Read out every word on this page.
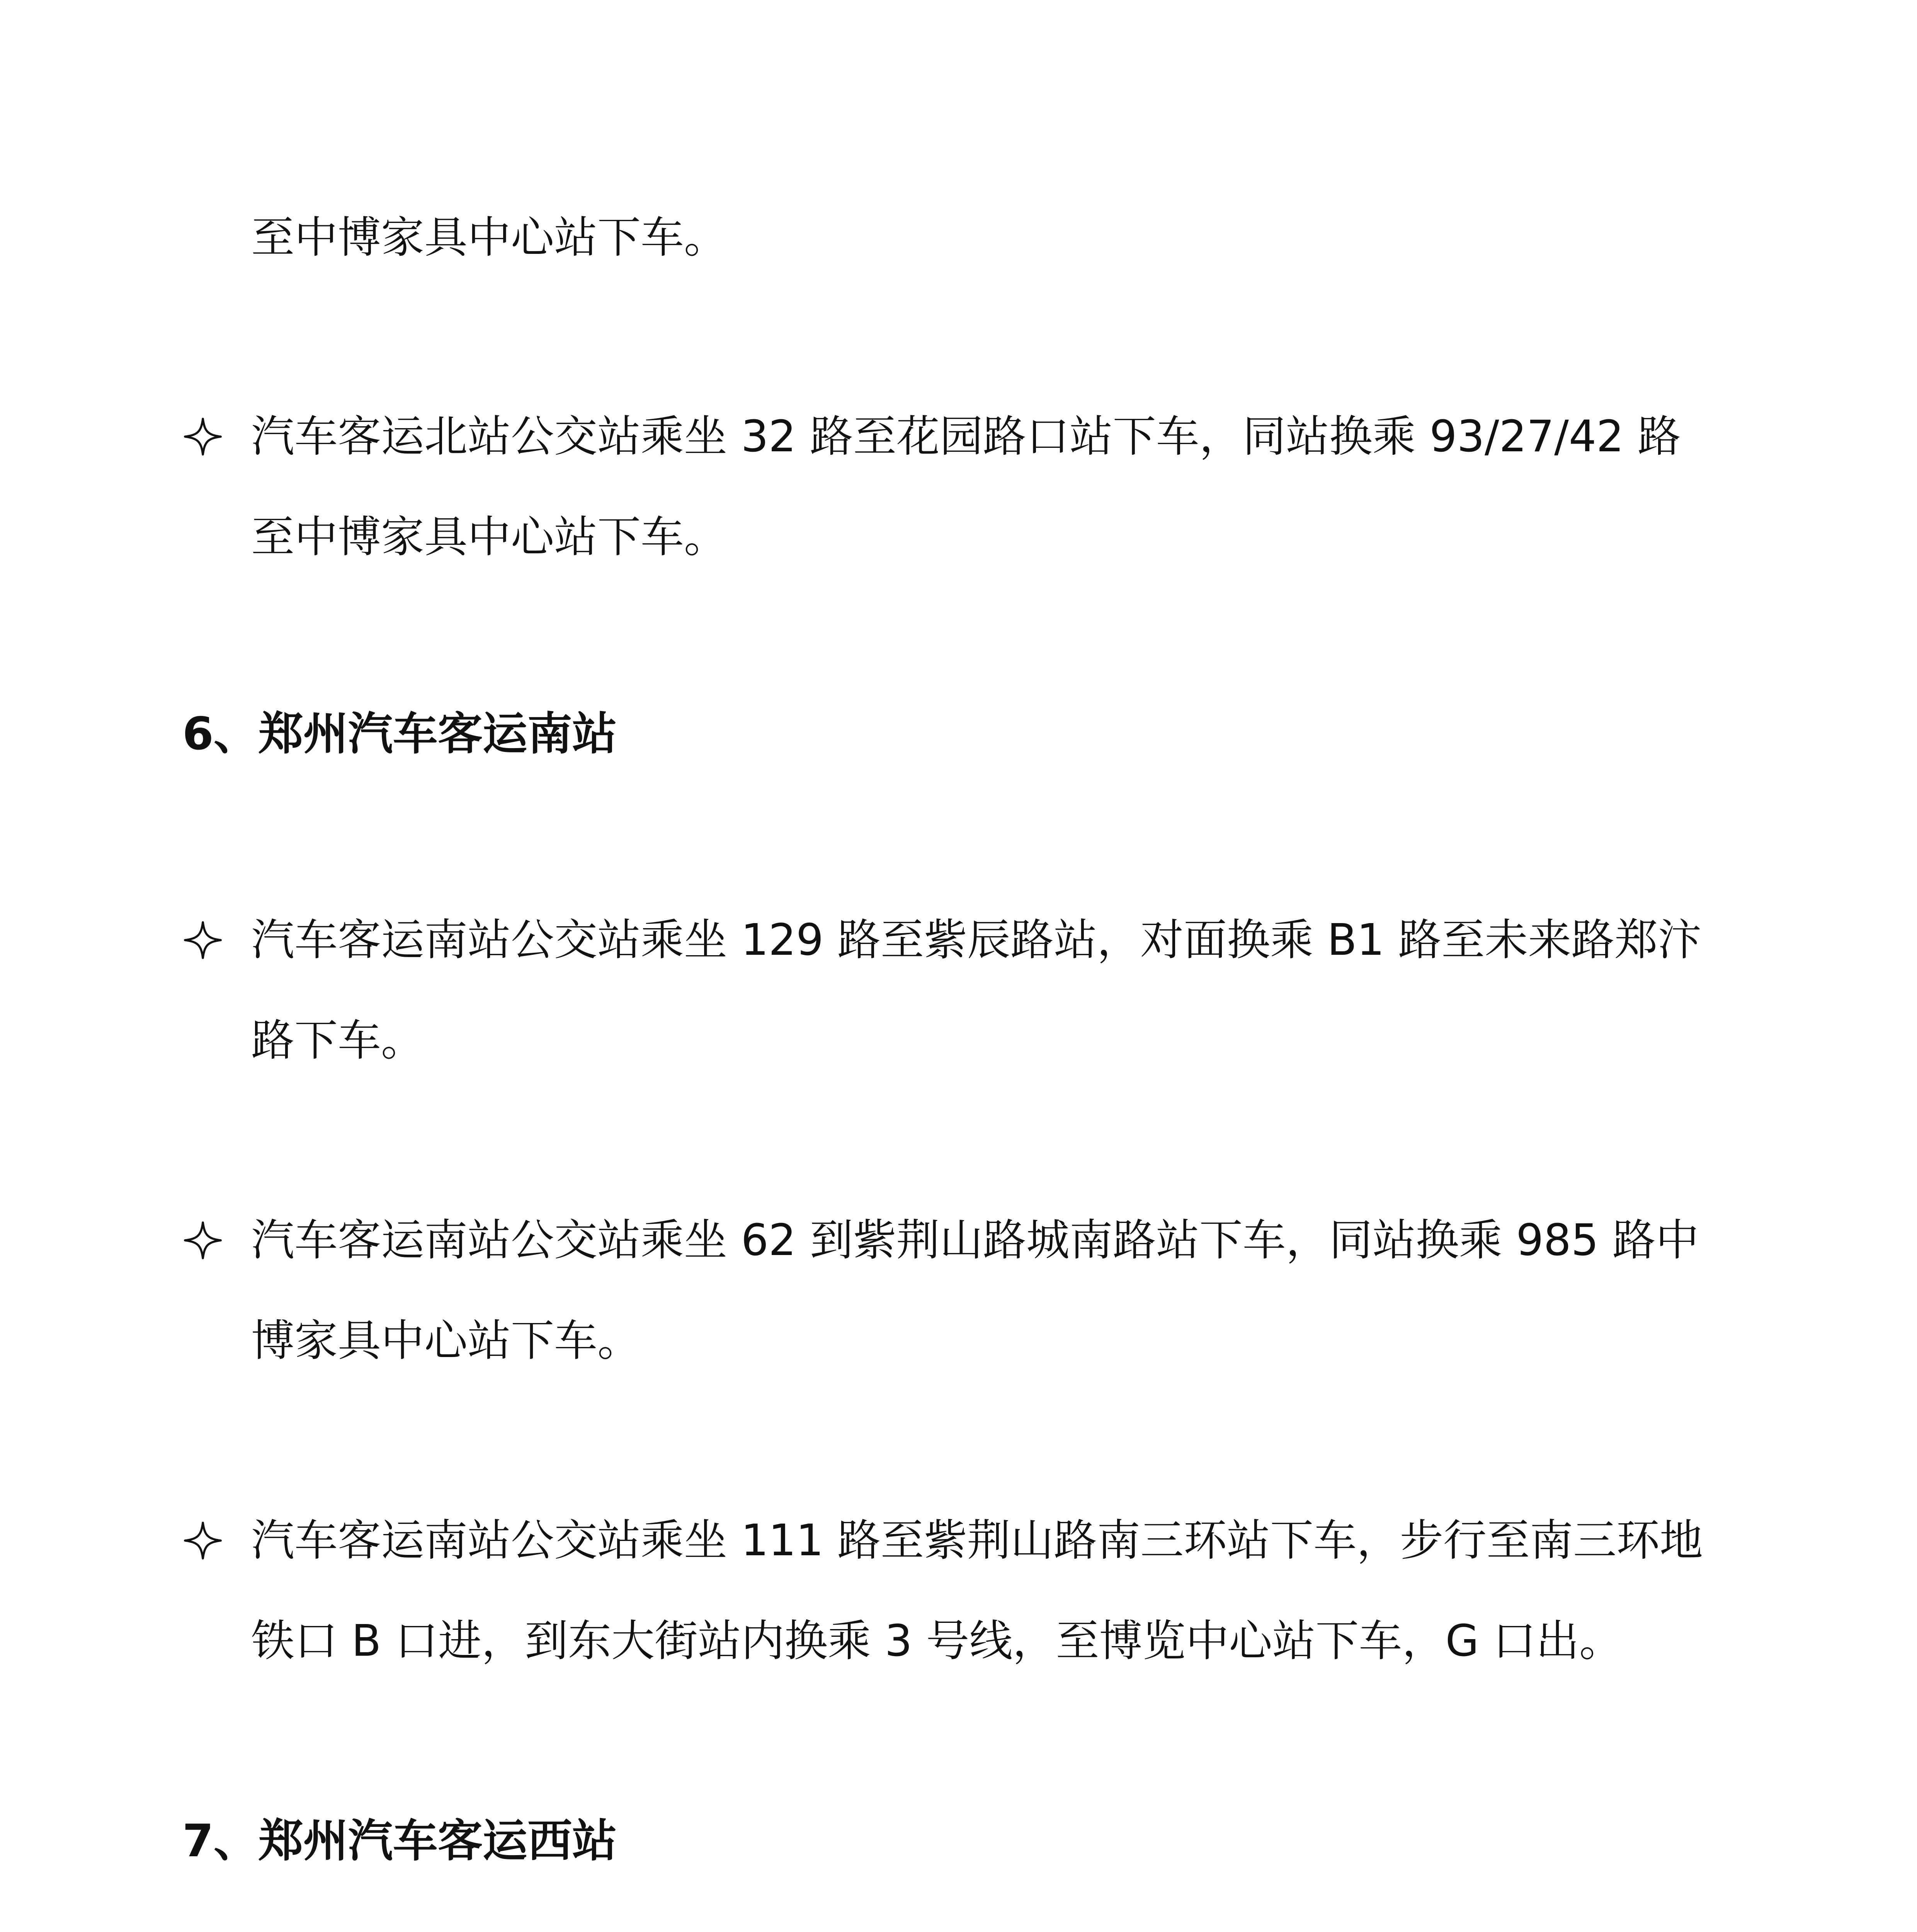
至中博家具中心站下车。
汽车客运北站公交站乘坐 32 路至花园路口站下车，同站换乘 93/27/42 路
至中博家具中心站下车。
6、郑州汽车客运南站
汽车客运南站公交站乘坐 129 路至紫辰路站，对面换乘 B1 路至未来路郑汴
路下车。
汽车客运南站公交站乘坐 62 到紫荆山路城南路站下车，同站换乘 985 路中
博家具中心站下车。
汽车客运南站公交站乘坐 111 路至紫荆山路南三环站下车，步行至南三环地
铁口 B 口进，到东大街站内换乘 3 号线，至博览中心站下车，G 口出。
7、郑州汽车客运西站
